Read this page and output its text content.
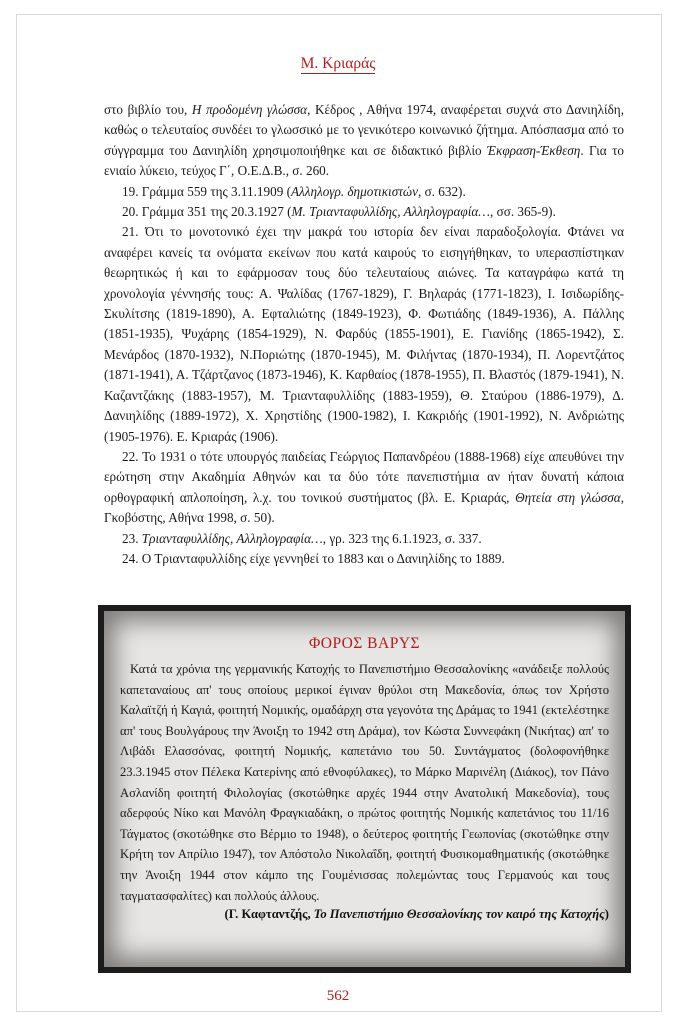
Μ. Κριαράς

στο βιβλίο του, Η προδομένη γλώσσα, Κέδρος , Αθήνα 1974, αναφέρεται συχνά στο Δανιηλίδη, καθώς ο τελευταίος συνδέει το γλωσσικό με το γενικότερο κοινωνικό ζήτημα. Απόσπασμα από το σύγγραμμα του Δανιηλίδη χρησιμοποιήθηκε και σε διδακτικό βιβλίο Έκφραση-Έκθεση. Για το ενιαίο λύκειο, τεύχος Γ΄, Ο.Ε.Δ.Β., σ. 260.

19. Γράμμα 559 της 3.11.1909 (Αλληλογρ. δημοτικιστών, σ. 632).

20. Γράμμα 351 της 20.3.1927 (Μ. Τριανταφυλλίδης, Αλληλογραφία…, σσ. 365-9).

21. Ότι το μονοτονικό έχει την μακρά του ιστορία δεν είναι παραδοξολογία. Φτάνει να αναφέρει κανείς τα ονόματα εκείνων που κατά καιρούς το εισηγήθηκαν, το υπερασπίστηκαν θεωρητικώς ή και το εφάρμοσαν τους δύο τελευταίους αιώνες. Τα καταγράφω κατά τη χρονολογία γέννησής τους: Α. Ψαλίδας (1767-1829), Γ. Βηλαράς (1771-1823), Ι. Ισιδωρίδης-Σκυλίτσης (1819-1890), Α. Εφταλιώτης (1849-1923), Φ. Φωτιάδης (1849-1936), Α. Πάλλης (1851-1935), Ψυχάρης (1854-1929), Ν. Φαρδύς (1855-1901), Ε. Γιανίδης (1865-1942), Σ. Μενάρδος (1870-1932), Ν.Ποριώτης (1870-1945), Μ. Φιλήντας (1870-1934), Π. Λορεντζάτος (1871-1941), Α. Τζάρτζανος (1873-1946), Κ. Καρθαίος (1878-1955), Π. Βλαστός (1879-1941), Ν. Καζαντζάκης (1883-1957), Μ. Τριανταφυλλίδης (1883-1959), Θ. Σταύρου (1886-1979), Δ. Δανιηλίδης (1889-1972), Χ. Χρηστίδης (1900-1982), Ι. Κακριδής (1901-1992), Ν. Ανδριώτης (1905-1976). Ε. Κριαράς (1906).

22. Το 1931 ο τότε υπουργός παιδείας Γεώργιος Παπανδρέου (1888-1968) είχε απευθύνει την ερώτηση στην Ακαδημία Αθηνών και τα δύο τότε πανεπιστήμια αν ήταν δυνατή κάποια ορθογραφική απλοποίηση, λ.χ. του τονικού συστήματος (βλ. Ε. Κριαράς, Θητεία στη γλώσσα, Γκοβόστης, Αθήνα 1998, σ. 50).

23. Τριανταφυλλίδης, Αλληλογραφία…, γρ. 323 της 6.1.1923, σ. 337.

24. Ο Τριανταφυλλίδης είχε γεννηθεί το 1883 και ο Δανιηλίδης το 1889.

ΦΟΡΟΣ ΒΑΡΥΣ

Κατά τα χρόνια της γερμανικής Κατοχής το Πανεπιστήμιο Θεσσαλονίκης «ανάδειξε πολλούς καπεταναίους απ' τους οποίους μερικοί έγιναν θρύλοι στη Μακεδονία, όπως τον Χρήστο Καλαϊτζή ή Καγιά, φοιτητή Νομικής, ομαδάρχη στα γεγονότα της Δράμας το 1941 (εκτελέστηκε απ' τους Βουλγάρους την Άνοιξη το 1942 στη Δράμα), τον Κώστα Συννεφάκη (Νικήτας) απ' το Λιβάδι Ελασσόνας, φοιτητή Νομικής, καπετάνιο του 50. Συντάγματος (δολοφονήθηκε 23.3.1945 στον Πέλεκα Κατερίνης από εθνοφύλακες), το Μάρκο Μαρινέλη (Διάκος), τον Πάνο Ασλανίδη φοιτητή Φιλολογίας (σκοτώθηκε αρχές 1944 στην Ανατολική Μακεδονία), τους αδερφούς Νίκο και Μανόλη Φραγκιαδάκη, ο πρώτος φοιτητής Νομικής καπετάνιος του 11/16 Τάγματος (σκοτώθηκε στο Βέρμιο το 1948), ο δεύτερος φοιτητής Γεωπονίας (σκοτώθηκε στην Κρήτη τον Απρίλιο 1947), τον Απόστολο Νικολαΐδη, φοιτητή Φυσικομαθηματικής (σκοτώθηκε την Άνοιξη 1944 στον κάμπο της Γουμένισσας πολεμώντας τους Γερμανούς και τους ταγματασφαλίτες) και πολλούς άλλους.

(Γ. Καφταντζής, Το Πανεπιστήμιο Θεσσαλονίκης τον καιρό της Κατοχής)
562
